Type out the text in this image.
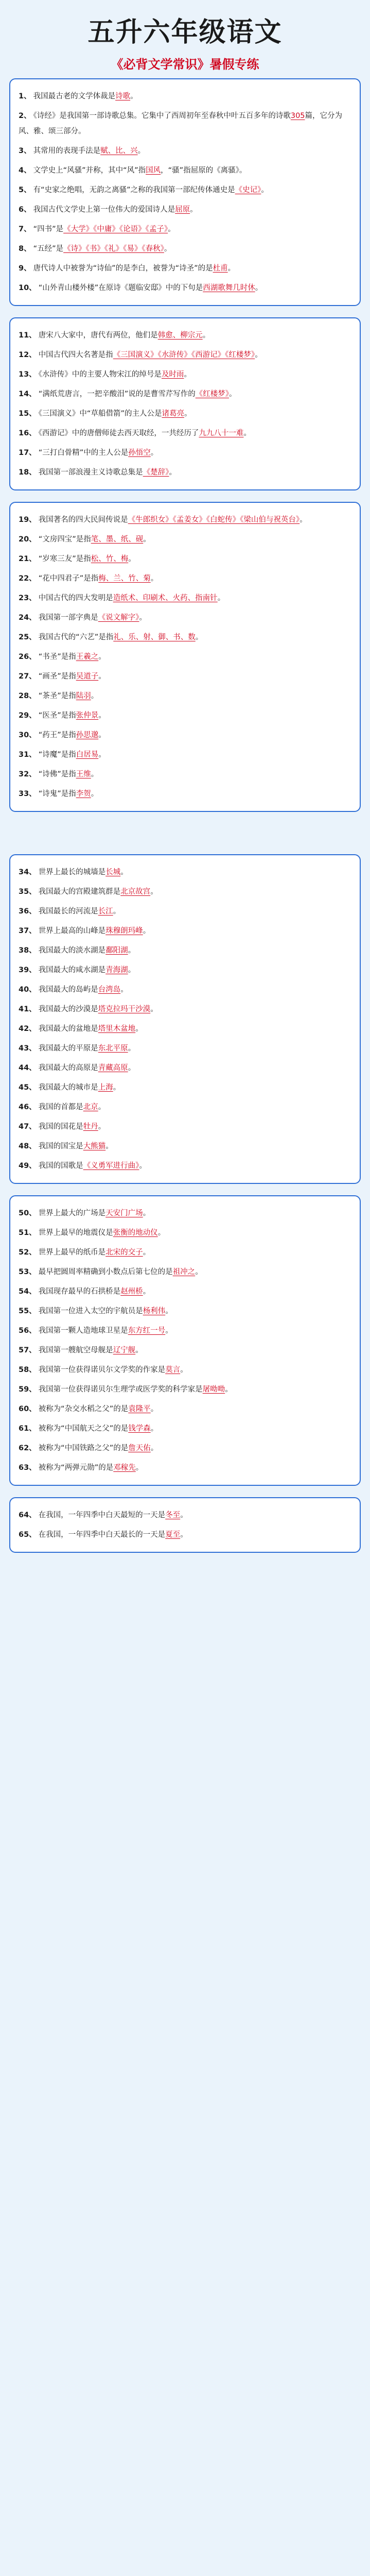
五升六年级语文
《必背文学常识》暑假专练

1、 我国最古老的文学体裁是诗歌。

2、 《诗经》是我国第一部诗歌总集。它集中了西周初年至春秋中叶五百多年的诗歌305篇，它分为风、雅、颂三部分。

3、 其常用的表现手法是赋、比、兴。

4、 文学史上“风骚”并称，其中“风”指国风，“骚”指屈原的《离骚》。

5、 有“史家之绝唱，无韵之离骚”之称的我国第一部纪传体通史是《史记》。

6、 我国古代文学史上第一位伟大的爱国诗人是屈原。

7、 “四书”是《大学》《中庸》《论语》《孟子》。

8、 “五经”是《诗》《书》《礼》《易》《春秋》。

9、 唐代诗人中被誉为“诗仙”的是李白，被誉为“诗圣”的是杜甫。

10、 “山外青山楼外楼”在原诗《题临安邸》中的下句是西湖歌舞几时休。

11、 唐宋八大家中，唐代有两位，他们是韩愈、柳宗元。

12、 中国古代四大名著是指《三国演义》《水浒传》《西游记》《红楼梦》。

13、 《水浒传》中的主要人物宋江的绰号是及时雨。

14、 “满纸荒唐言，一把辛酸泪”说的是曹雪芹写作的《红楼梦》。

15、 《三国演义》中“草船借箭”的主人公是诸葛亮。

16、 《西游记》中的唐僧师徒去西天取经，一共经历了九九八十一难。

17、 “三打白骨精”中的主人公是孙悟空。

18、 我国第一部浪漫主义诗歌总集是《楚辞》。

19、 我国著名的四大民间传说是《牛郎织女》《孟姜女》《白蛇传》《梁山伯与祝英台》。

20、 “文房四宝”是指笔、墨、纸、砚。

21、 “岁寒三友”是指松、竹、梅。

22、 “花中四君子”是指梅、兰、竹、菊。

23、 中国古代的四大发明是造纸术、印刷术、火药、指南针。

24、 我国第一部字典是《说文解字》。

25、 我国古代的“六艺”是指礼、乐、射、御、书、数。

26、 “书圣”是指王羲之。

27、 “画圣”是指吴道子。

28、 “茶圣”是指陆羽。

29、 “医圣”是指张仲景。

30、 “药王”是指孙思邈。

31、 “诗魔”是指白居易。

32、 “诗佛”是指王维。

33、 “诗鬼”是指李贺。

34、 世界上最长的城墙是长城。

35、 我国最大的宫殿建筑群是北京故宫。

36、 我国最长的河流是长江。

37、 世界上最高的山峰是珠穆朗玛峰。

38、 我国最大的淡水湖是鄱阳湖。

39、 我国最大的咸水湖是青海湖。

40、 我国最大的岛屿是台湾岛。

41、 我国最大的沙漠是塔克拉玛干沙漠。

42、 我国最大的盆地是塔里木盆地。

43、 我国最大的平原是东北平原。

44、 我国最大的高原是青藏高原。

45、 我国最大的城市是上海。

46、 我国的首都是北京。

47、 我国的国花是牡丹。

48、 我国的国宝是大熊猫。

49、 我国的国歌是《义勇军进行曲》。

50、 世界上最大的广场是天安门广场。

51、 世界上最早的地震仪是张衡的地动仪。

52、 世界上最早的纸币是北宋的交子。

53、 最早把圆周率精确到小数点后第七位的是祖冲之。

54、 我国现存最早的石拱桥是赵州桥。

55、 我国第一位进入太空的宇航员是杨利伟。

56、 我国第一颗人造地球卫星是东方红一号。

57、 我国第一艘航空母舰是辽宁舰。

58、 我国第一位获得诺贝尔文学奖的作家是莫言。

59、 我国第一位获得诺贝尔生理学或医学奖的科学家是屠呦呦。

60、 被称为“杂交水稻之父”的是袁隆平。

61、 被称为“中国航天之父”的是钱学森。

62、 被称为“中国铁路之父”的是詹天佑。

63、 被称为“两弹元勋”的是邓稼先。

64、 在我国，一年四季中白天最短的一天是冬至。

65、 在我国，一年四季中白天最长的一天是夏至。
